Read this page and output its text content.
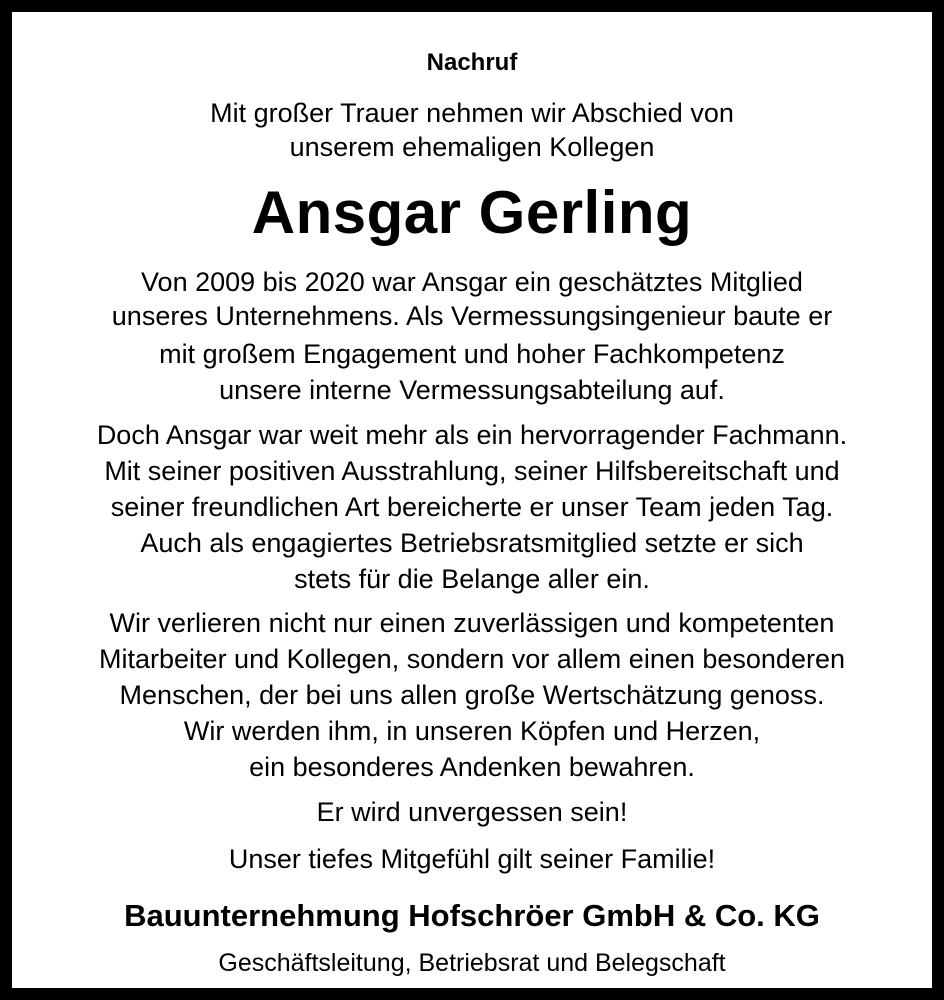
Nachruf
Mit großer Trauer nehmen wir Abschied von
unserem ehemaligen Kollegen
Ansgar Gerling
Von 2009 bis 2020 war Ansgar ein geschätztes Mitglied
unseres Unternehmens. Als Vermessungsingenieur baute er
mit großem Engagement und hoher Fachkompetenz
unsere interne Vermessungsabteilung auf.
Doch Ansgar war weit mehr als ein hervorragender Fachmann.
Mit seiner positiven Ausstrahlung, seiner Hilfsbereitschaft und
seiner freundlichen Art bereicherte er unser Team jeden Tag.
Auch als engagiertes Betriebsratsmitglied setzte er sich
stets für die Belange aller ein.
Wir verlieren nicht nur einen zuverlässigen und kompetenten
Mitarbeiter und Kollegen, sondern vor allem einen besonderen
Menschen, der bei uns allen große Wertschätzung genoss.
Wir werden ihm, in unseren Köpfen und Herzen,
ein besonderes Andenken bewahren.
Er wird unvergessen sein!
Unser tiefes Mitgefühl gilt seiner Familie!
Bauunternehmung Hofschröer GmbH & Co. KG
Geschäftsleitung, Betriebsrat und Belegschaft
